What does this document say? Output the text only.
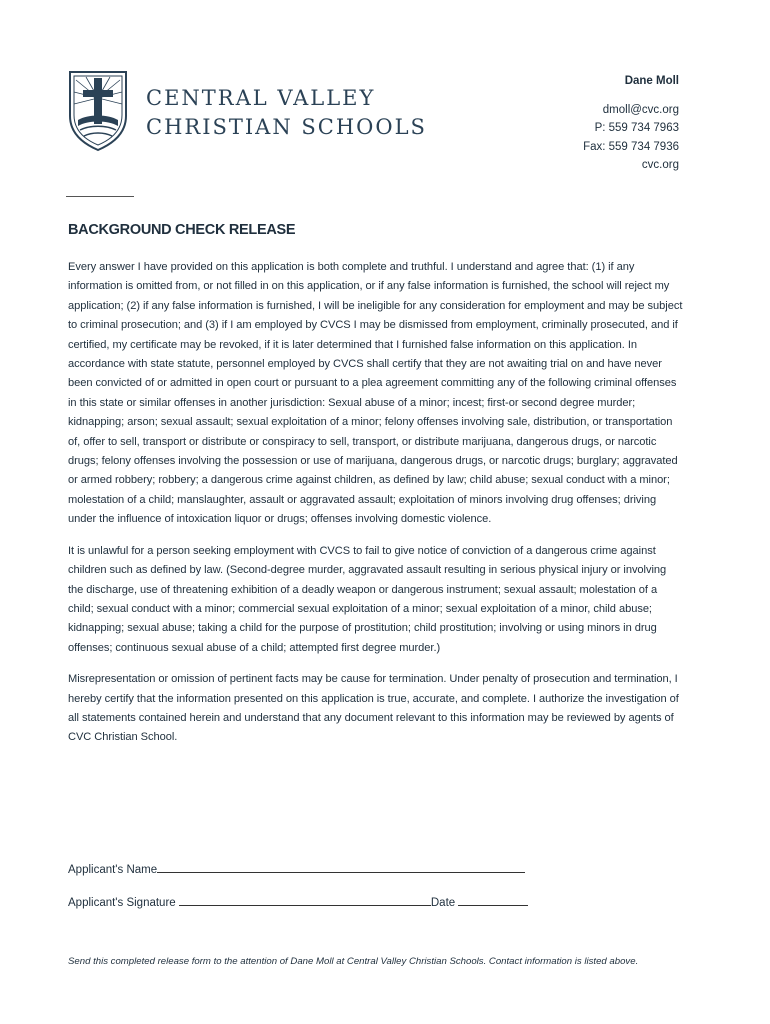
CENTRAL VALLEY
CHRISTIAN SCHOOLS
Dane Moll
dmoll@cvc.org
P: 559 734 7963
Fax: 559 734 7936
cvc.org
BACKGROUND CHECK RELEASE

Every answer I have provided on this application is both complete and truthful. I understand and agree that: (1) if any information is omitted from, or not filled in on this application, or if any false information is furnished, the school will reject my application; (2) if any false information is furnished, I will be ineligible for any consideration for employment and may be subject to criminal prosecution; and (3) if I am employed by CVCS I may be dismissed from employment, criminally prosecuted, and if certified, my certificate may be revoked, if it is later determined that I furnished false information on this application. In accordance with state statute, personnel employed by CVCS shall certify that they are not awaiting trial on and have never been convicted of or admitted in open court or pursuant to a plea agreement committing any of the following criminal offenses in this state or similar offenses in another jurisdiction: Sexual abuse of a minor; incest; first-or second degree murder; kidnapping; arson; sexual assault; sexual exploitation of a minor; felony offenses involving sale, distribution, or transportation of, offer to sell, transport or distribute or conspiracy to sell, transport, or distribute marijuana, dangerous drugs, or narcotic drugs; felony offenses involving the possession or use of marijuana, dangerous drugs, or narcotic drugs; burglary; aggravated or armed robbery; robbery; a dangerous crime against children, as defined by law; child abuse; sexual conduct with a minor; molestation of a child; manslaughter, assault or aggravated assault; exploitation of minors involving drug offenses; driving under the influence of intoxication liquor or drugs; offenses involving domestic violence.

It is unlawful for a person seeking employment with CVCS to fail to give notice of conviction of a dangerous crime against children such as defined by law. (Second-degree murder, aggravated assault resulting in serious physical injury or involving the discharge, use of threatening exhibition of a deadly weapon or dangerous instrument; sexual assault; molestation of a child; sexual conduct with a minor; commercial sexual exploitation of a minor; sexual exploitation of a minor, child abuse; kidnapping; sexual abuse; taking a child for the purpose of prostitution; child prostitution; involving or using minors in drug offenses; continuous sexual abuse of a child; attempted first degree murder.)

Misrepresentation or omission of pertinent facts may be cause for termination. Under penalty of prosecution and termination, I hereby certify that the information presented on this application is true, accurate, and complete. I authorize the investigation of all statements contained herein and understand that any document relevant to this information may be reviewed by agents of CVC Christian School.

Applicant's Name
Applicant's Signature	Date
Send this completed release form to the attention of Dane Moll at Central Valley Christian Schools. Contact information is listed above.
